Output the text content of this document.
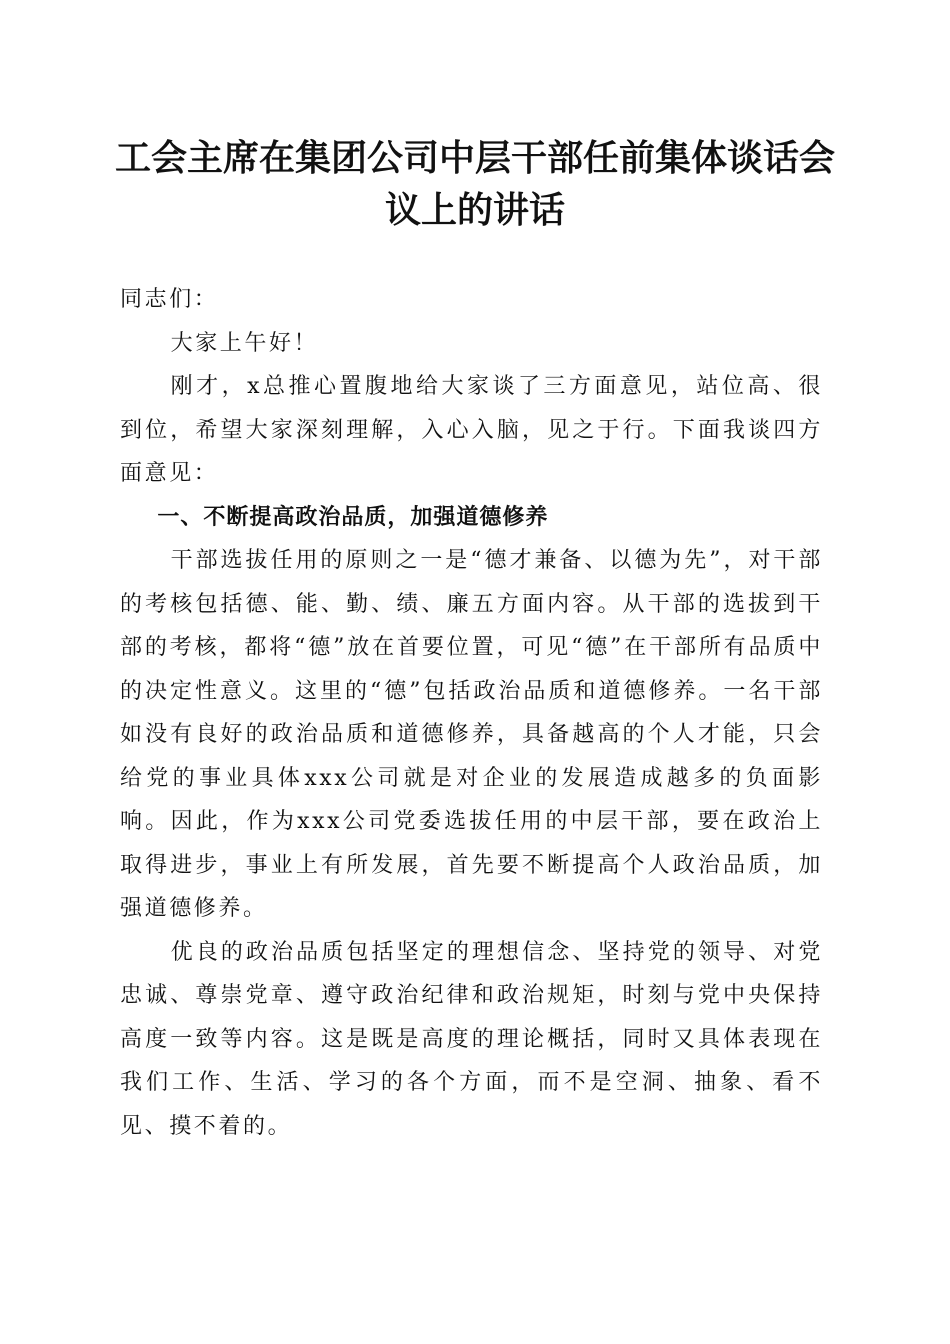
工会主席在集团公司中层干部任前集体谈话会议上的讲话

同志们：

大家上午好！

刚才，x总推心置腹地给大家谈了三方面意见，站位高、很到位，希望大家深刻理解，入心入脑，见之于行。下面我谈四方面意见：

一、不断提高政治品质，加强道德修养

干部选拔任用的原则之一是“德才兼备、以德为先”，对干部的考核包括德、能、勤、绩、廉五方面内容。从干部的选拔到干部的考核，都将“德”放在首要位置，可见“德”在干部所有品质中的决定性意义。这里的“德”包括政治品质和道德修养。一名干部如没有良好的政治品质和道德修养，具备越高的个人才能，只会给党的事业具体xxx公司就是对企业的发展造成越多的负面影响。因此，作为xxx公司党委选拔任用的中层干部，要在政治上取得进步，事业上有所发展，首先要不断提高个人政治品质，加强道德修养。

优良的政治品质包括坚定的理想信念、坚持党的领导、对党忠诚、尊崇党章、遵守政治纪律和政治规矩，时刻与党中央保持高度一致等内容。这是既是高度的理论概括，同时又具体表现在我们工作、生活、学习的各个方面，而不是空洞、抽象、看不见、摸不着的。
